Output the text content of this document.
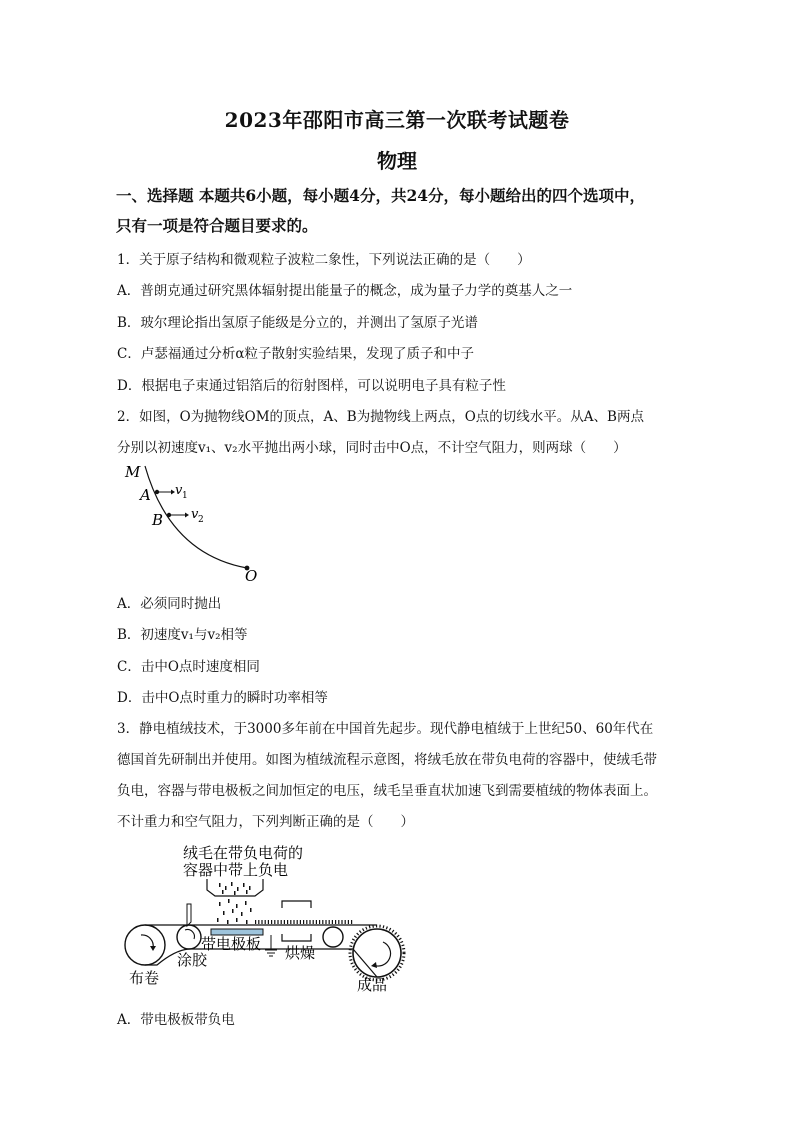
2023年邵阳市高三第一次联考试题卷
物理
一、选择题 本题共6小题，每小题4分，共24分，每小题给出的四个选项中，
只有一项是符合题目要求的。
1．关于原子结构和微观粒子波粒二象性，下列说法正确的是（　　）
A．普朗克通过研究黑体辐射提出能量子的概念，成为量子力学的奠基人之一
B．玻尔理论指出氢原子能级是分立的，并测出了氢原子光谱
C．卢瑟福通过分析α粒子散射实验结果，发现了质子和中子
D．根据电子束通过铝箔后的衍射图样，可以说明电子具有粒子性
2．如图，O为抛物线OM的顶点，A、B为抛物线上两点，O点的切线水平。从A、B两点
分别以初速度v₁、v₂水平抛出两小球，同时击中O点，不计空气阻力，则两球（　　）
M
A
B
O
v 1
v 2
A．必须同时抛出
B．初速度v₁与v₂相等
C．击中O点时速度相同
D．击中O点时重力的瞬时功率相等
3．静电植绒技术，于3000多年前在中国首先起步。现代静电植绒于上世纪50、60年代在
德国首先研制出并使用。如图为植绒流程示意图，将绒毛放在带负电荷的容器中，使绒毛带
负电，容器与带电极板之间加恒定的电压，绒毛呈垂直状加速飞到需要植绒的物体表面上。
不计重力和空气阻力，下列判断正确的是（　　）
绒毛在带负电荷的
容器中带上负电
带电极板 烘燥
布卷
涂胶
成品
A．带电极板带负电
